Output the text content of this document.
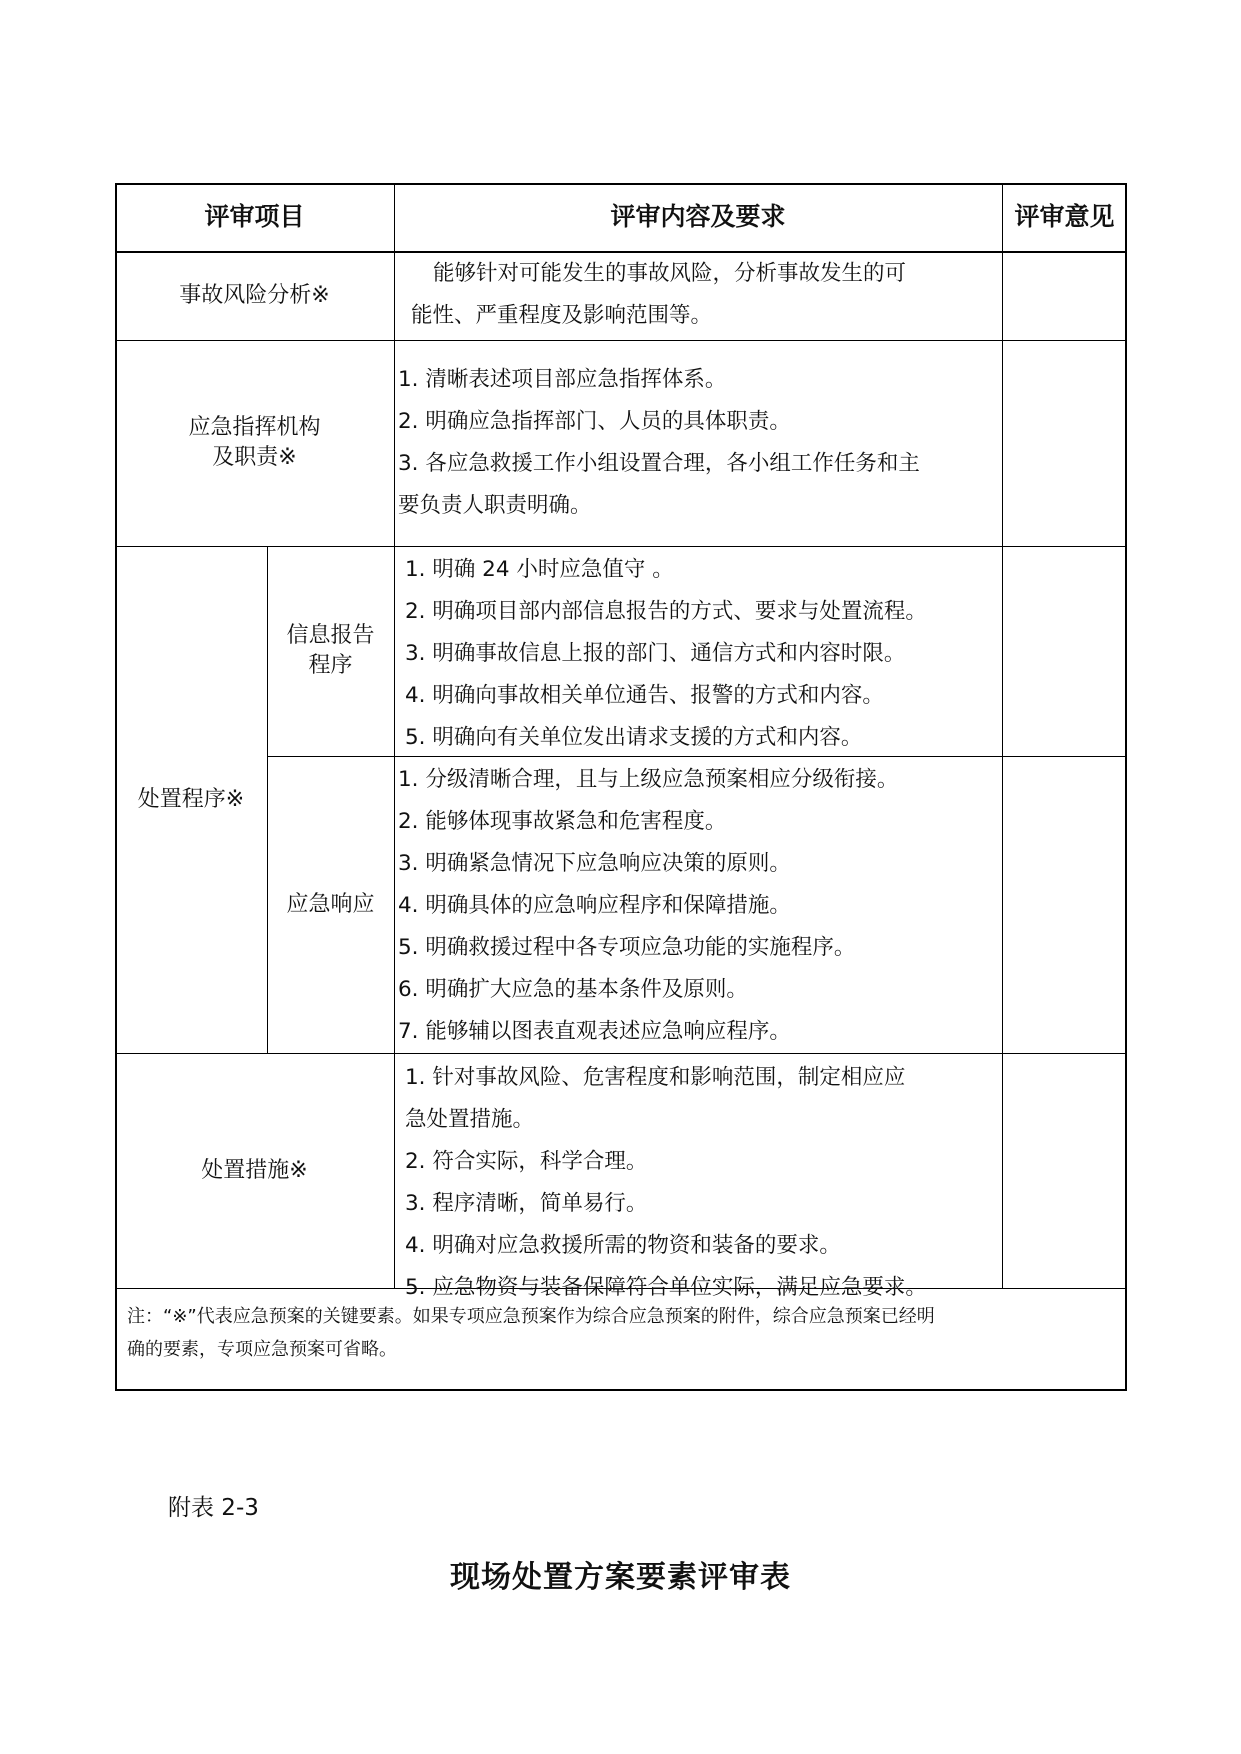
评审项目	评审内容及要求	评审意见
事故风险分析※
能够针对可能发生的事故风险，分析事故发生的可
能性、严重程度及影响范围等。
应急指挥机构
及职责※
1. 清晰表述项目部应急指挥体系。
2. 明确应急指挥部门、人员的具体职责。
3. 各应急救援工作小组设置合理，各小组工作任务和主
要负责人职责明确。
处置程序※
信息报告
程序
1. 明确 24 小时应急值守 。
2. 明确项目部内部信息报告的方式、要求与处置流程。
3. 明确事故信息上报的部门、通信方式和内容时限。
4. 明确向事故相关单位通告、报警的方式和内容。
5. 明确向有关单位发出请求支援的方式和内容。
应急响应
1. 分级清晰合理，且与上级应急预案相应分级衔接。
2. 能够体现事故紧急和危害程度。
3. 明确紧急情况下应急响应决策的原则。
4. 明确具体的应急响应程序和保障措施。
5. 明确救援过程中各专项应急功能的实施程序。
6. 明确扩大应急的基本条件及原则。
7. 能够辅以图表直观表述应急响应程序。
处置措施※
1. 针对事故风险、危害程度和影响范围，制定相应应
急处置措施。
2. 符合实际，科学合理。
3. 程序清晰，简单易行。
4. 明确对应急救援所需的物资和装备的要求。
5. 应急物资与装备保障符合单位实际，满足应急要求。
注：“※”代表应急预案的关键要素。如果专项应急预案作为综合应急预案的附件，综合应急预案已经明
确的要素，专项应急预案可省略。
附表 2-3
现场处置方案要素评审表
